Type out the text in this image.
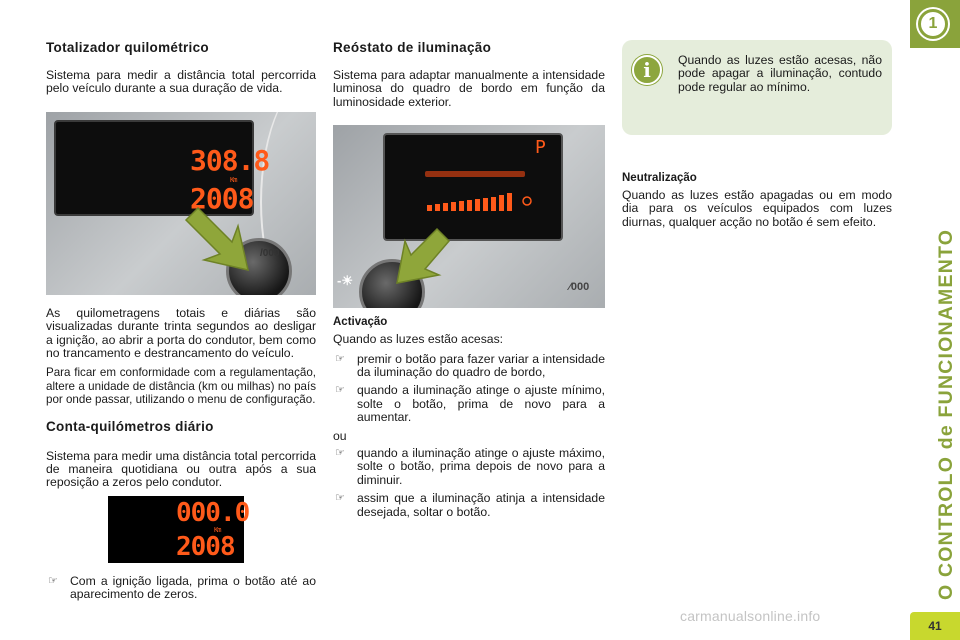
Totalizador quilométrico

Sistema para medir a distância total percorrida pelo veículo durante a sua duração de vida.

308.8
Km
2008
/000

As quilometragens totais e diárias são visualizadas durante trinta segundos ao desligar a ignição, ao abrir a porta do condutor, bem como no trancamento e destrancamento do veículo.

Para ficar em conformidade com a regulamentação, altere a unidade de distância (km ou milhas) no país por onde passar, utilizando o menu de configuração.

Conta-quilómetros diário

Sistema para medir uma distância total percorrida de maneira quotidiana ou outra após a sua reposição a zeros pelo condutor.

000.0
Km
2008
☞ Com a ignição ligada, prima o botão até ao aparecimento de zeros.
Reóstato de iluminação

Sistema para adaptar manualmente a intensidade luminosa do quadro de bordo em função da luminosidade exterior.

P
-☀	⁄000
Activação

Quando as luzes estão acesas:

☞ premir o botão para fazer variar a intensidade da iluminação do quadro de bordo,
☞ quando a iluminação atinge o ajuste mínimo, solte o botão, prima de novo para a aumentar.

ou

☞ quando a iluminação atinge o ajuste máximo, solte o botão, prima depois de novo para a diminuir.
☞ assim que a iluminação atinja a intensidade desejada, soltar o botão.
i	Quando as luzes estão acesas, não pode apagar a iluminação, contudo pode regular ao mínimo.

Neutralização

Quando as luzes estão apagadas ou em modo dia para os veículos equipados com luzes diurnas, qualquer acção no botão é sem efeito.

1
O CONTROLO de FUNCIONAMENTO
41
carmanualsonline.info
